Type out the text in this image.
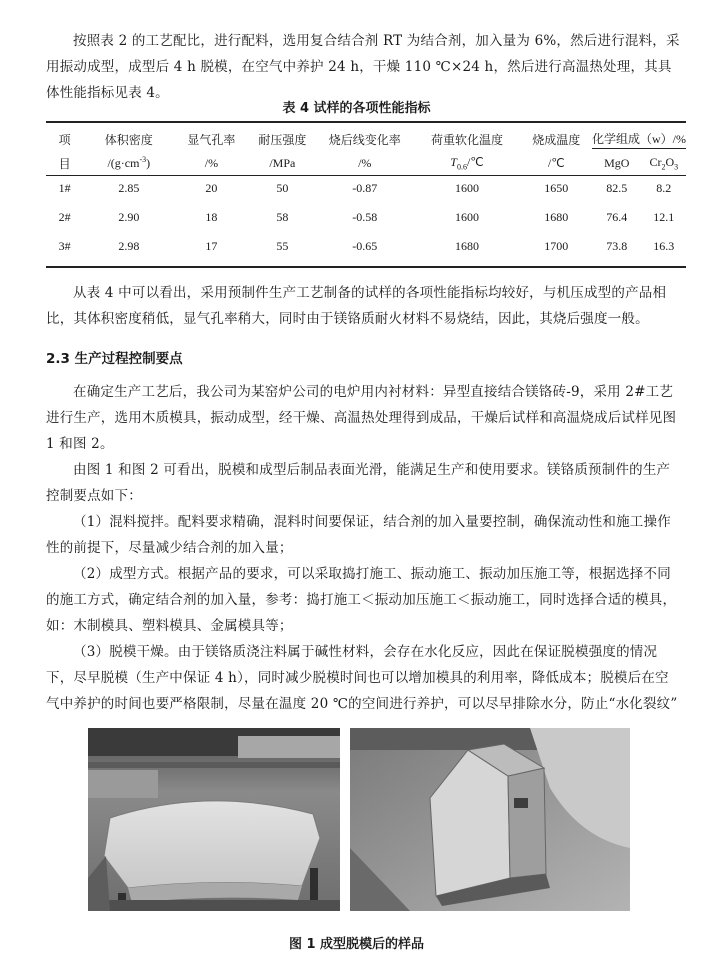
按照表 2 的工艺配比，进行配料，选用复合结合剂 RT 为结合剂，加入量为 6%，然后进行混料，采用振动成型，成型后 4 h 脱模，在空气中养护 24 h，干燥 110 ℃×24 h，然后进行高温热处理，其具体性能指标见表 4。

表 4 试样的各项性能指标
项	体积密度	显气孔率	耐压强度	烧后线变化率	荷重软化温度	烧成温度	化学组成（w）/%	
目	$/(g\cdot cm^{-3})$	/%	/MPa	/%	$T_{0.6}/℃$	/℃	MgO	$Cr_2O_3$
1#	2.85	20	50	-0.87	1600	1650	82.5	8.2
2#	2.90	18	58	-0.58	1600	1680	76.4	12.1
3#	2.98	17	55	-0.65	1680	1700	73.8	16.3

从表 4 中可以看出，采用预制件生产工艺制备的试样的各项性能指标均较好，与机压成型的产品相比，其体积密度稍低，显气孔率稍大，同时由于镁铬质耐火材料不易烧结，因此，其烧后强度一般。

2.3 生产过程控制要点

在确定生产工艺后，我公司为某窑炉公司的电炉用内衬材料：异型直接结合镁铬砖-9，采用 2#工艺进行生产，选用木质模具，振动成型，经干燥、高温热处理得到成品，干燥后试样和高温烧成后试样见图 1 和图 2。

由图 1 和图 2 可看出，脱模和成型后制品表面光滑，能满足生产和使用要求。镁铬质预制件的生产控制要点如下：

（1）混料搅拌。配料要求精确，混料时间要保证，结合剂的加入量要控制，确保流动性和施工操作性的前提下，尽量减少结合剂的加入量；

（2）成型方式。根据产品的要求，可以采取捣打施工、振动施工、振动加压施工等，根据选择不同的施工方式，确定结合剂的加入量，参考：捣打施工＜振动加压施工＜振动施工，同时选择合适的模具，如：木制模具、塑料模具、金属模具等；

（3）脱模干燥。由于镁铬质浇注料属于碱性材料，会存在水化反应，因此在保证脱模强度的情况下，尽早脱模（生产中保证 4 h），同时减少脱模时间也可以增加模具的利用率，降低成本；脱模后在空气中养护的时间也要严格限制，尽量在温度 20 ℃的空间进行养护，可以尽早排除水分，防止“水化裂纹”

图 1 成型脱模后的样品
